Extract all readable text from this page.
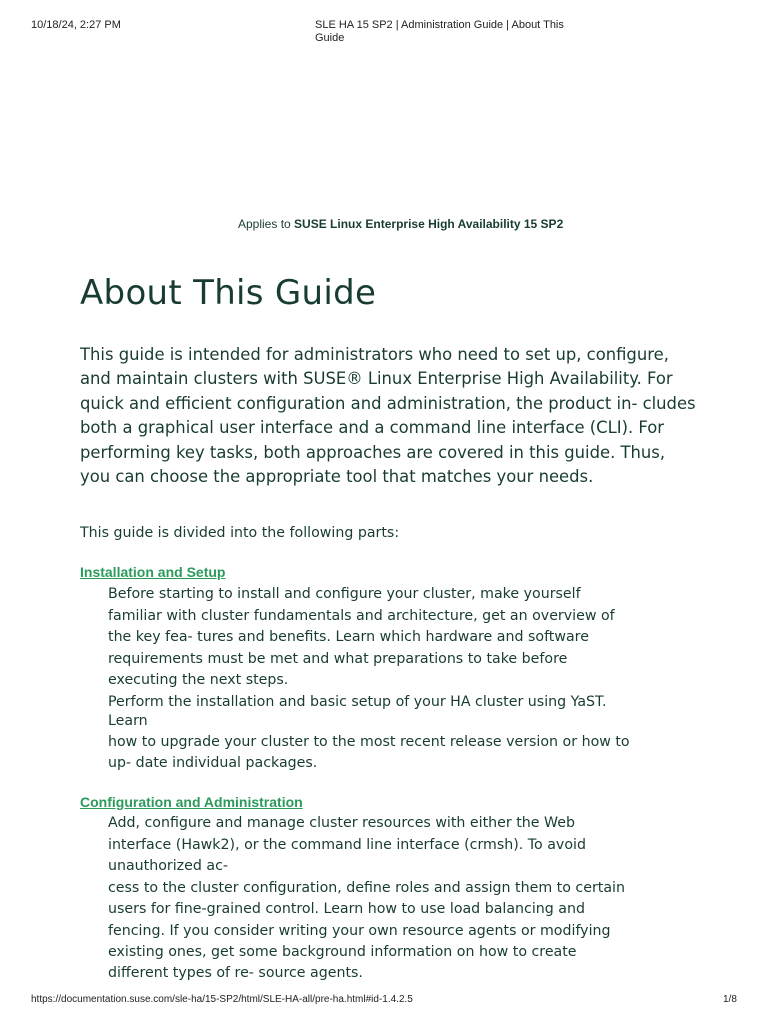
10/18/24, 2:27 PM	SLE HA 15 SP2 | Administration Guide | About This Guide
Applies to SUSE Linux Enterprise High Availability 15 SP2
About This Guide

This guide is intended for administrators who need to set up, configure, and maintain clusters with SUSE® Linux Enterprise High Availability. For quick and efficient configuration and administration, the product in- cludes both a graphical user interface and a command line interface (CLI). For performing key tasks, both approaches are covered in this guide. Thus, you can choose the appropriate tool that matches your needs.

This guide is divided into the following parts:

Installation and Setup
Before starting to install and configure your cluster, make yourself
familiar with cluster fundamentals and architecture, get an overview of
the key fea- tures and benefits. Learn which hardware and software
requirements must be met and what preparations to take before
executing the next steps.
Perform the installation and basic setup of your HA cluster using YaST.
Learn
how to upgrade your cluster to the most recent release version or how to
up- date individual packages.
Configuration and Administration
Add, configure and manage cluster resources with either the Web
interface (Hawk2), or the command line interface (crmsh). To avoid
unauthorized ac-
cess to the cluster configuration, define roles and assign them to certain
users for fine-grained control. Learn how to use load balancing and
fencing. If you consider writing your own resource agents or modifying
existing ones, get some background information on how to create
different types of re- source agents.
https://documentation.suse.com/sle-ha/15-SP2/html/SLE-HA-all/pre-ha.html#id-1.4.2.5	1/8
